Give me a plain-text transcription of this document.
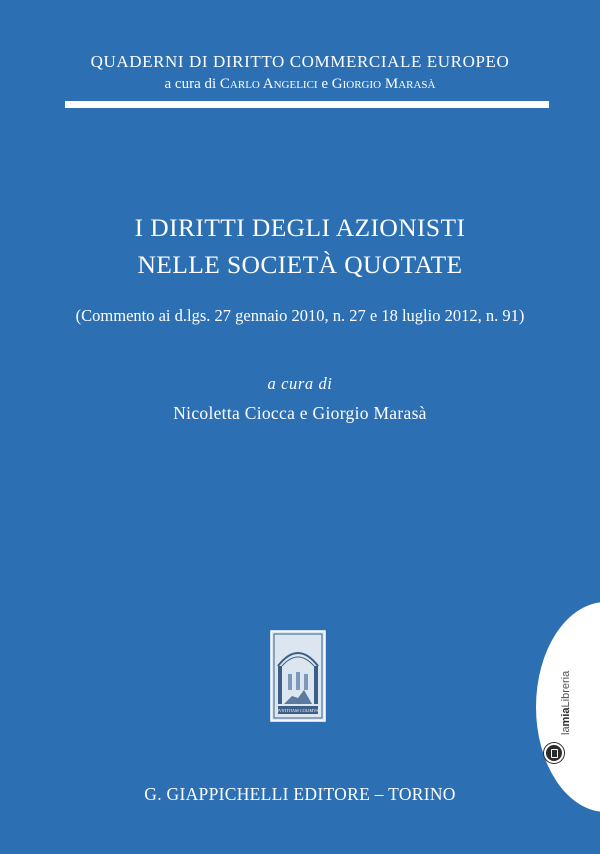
QUADERNI DI DIRITTO COMMERCIALE EUROPEO
a cura di Carlo Angelici e Giorgio Marasà
I DIRITTI DEGLI AZIONISTI
NELLE SOCIETÀ QUOTATE
(Commento ai d.lgs. 27 gennaio 2010, n. 27 e 18 luglio 2012, n. 91)
a cura di
Nicoletta Ciocca e Giorgio Marasà
IVSTITIAM COLIMVS
G. GIAPPICHELLI EDITORE – TORINO
lamiaLibreria
